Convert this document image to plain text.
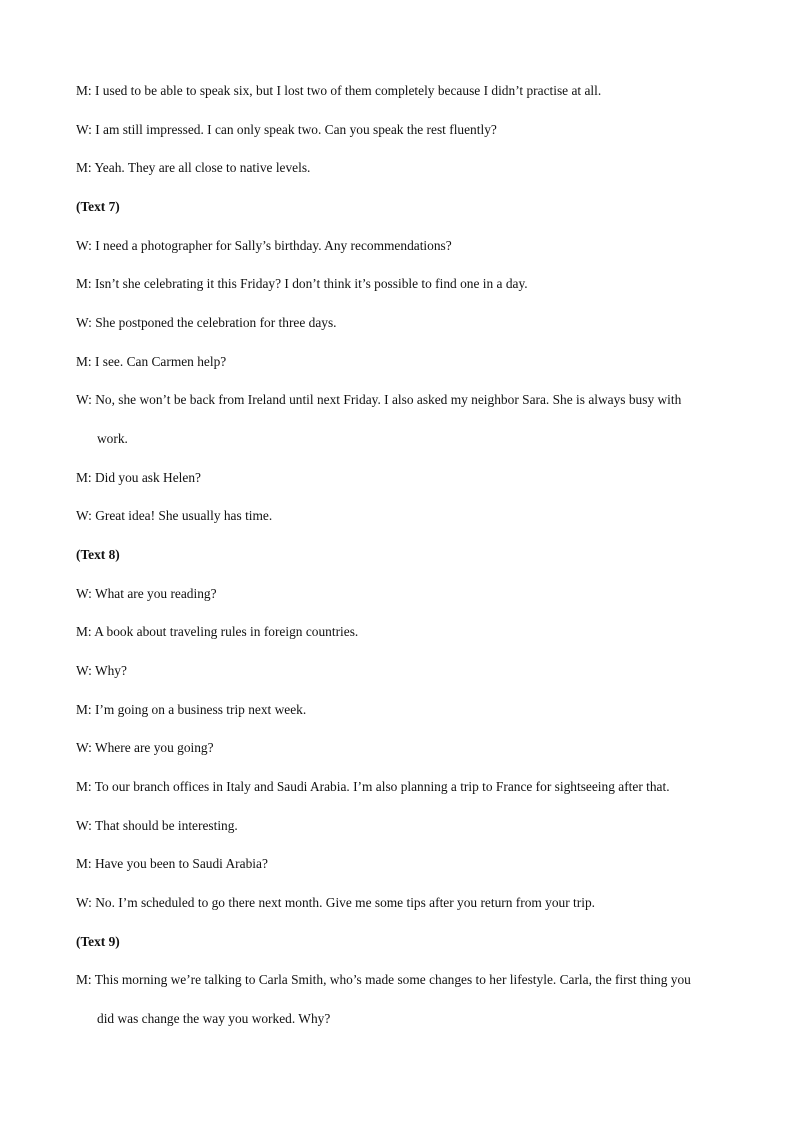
M: I used to be able to speak six, but I lost two of them completely because I didn’t practise at all.
W: I am still impressed. I can only speak two. Can you speak the rest fluently?
M: Yeah. They are all close to native levels.
(Text 7)
W: I need a photographer for Sally’s birthday. Any recommendations?
M: Isn’t she celebrating it this Friday? I don’t think it’s possible to find one in a day.
W: She postponed the celebration for three days.
M: I see. Can Carmen help?
W: No, she won’t be back from Ireland until next Friday. I also asked my neighbor Sara. She is always busy with
work.
M: Did you ask Helen?
W: Great idea! She usually has time.
(Text 8)
W: What are you reading?
M: A book about traveling rules in foreign countries.
W: Why?
M: I’m going on a business trip next week.
W: Where are you going?
M: To our branch offices in Italy and Saudi Arabia. I’m also planning a trip to France for sightseeing after that.
W: That should be interesting.
M: Have you been to Saudi Arabia?
W: No. I’m scheduled to go there next month. Give me some tips after you return from your trip.
(Text 9)
M: This morning we’re talking to Carla Smith, who’s made some changes to her lifestyle. Carla, the first thing you
did was change the way you worked. Why?
